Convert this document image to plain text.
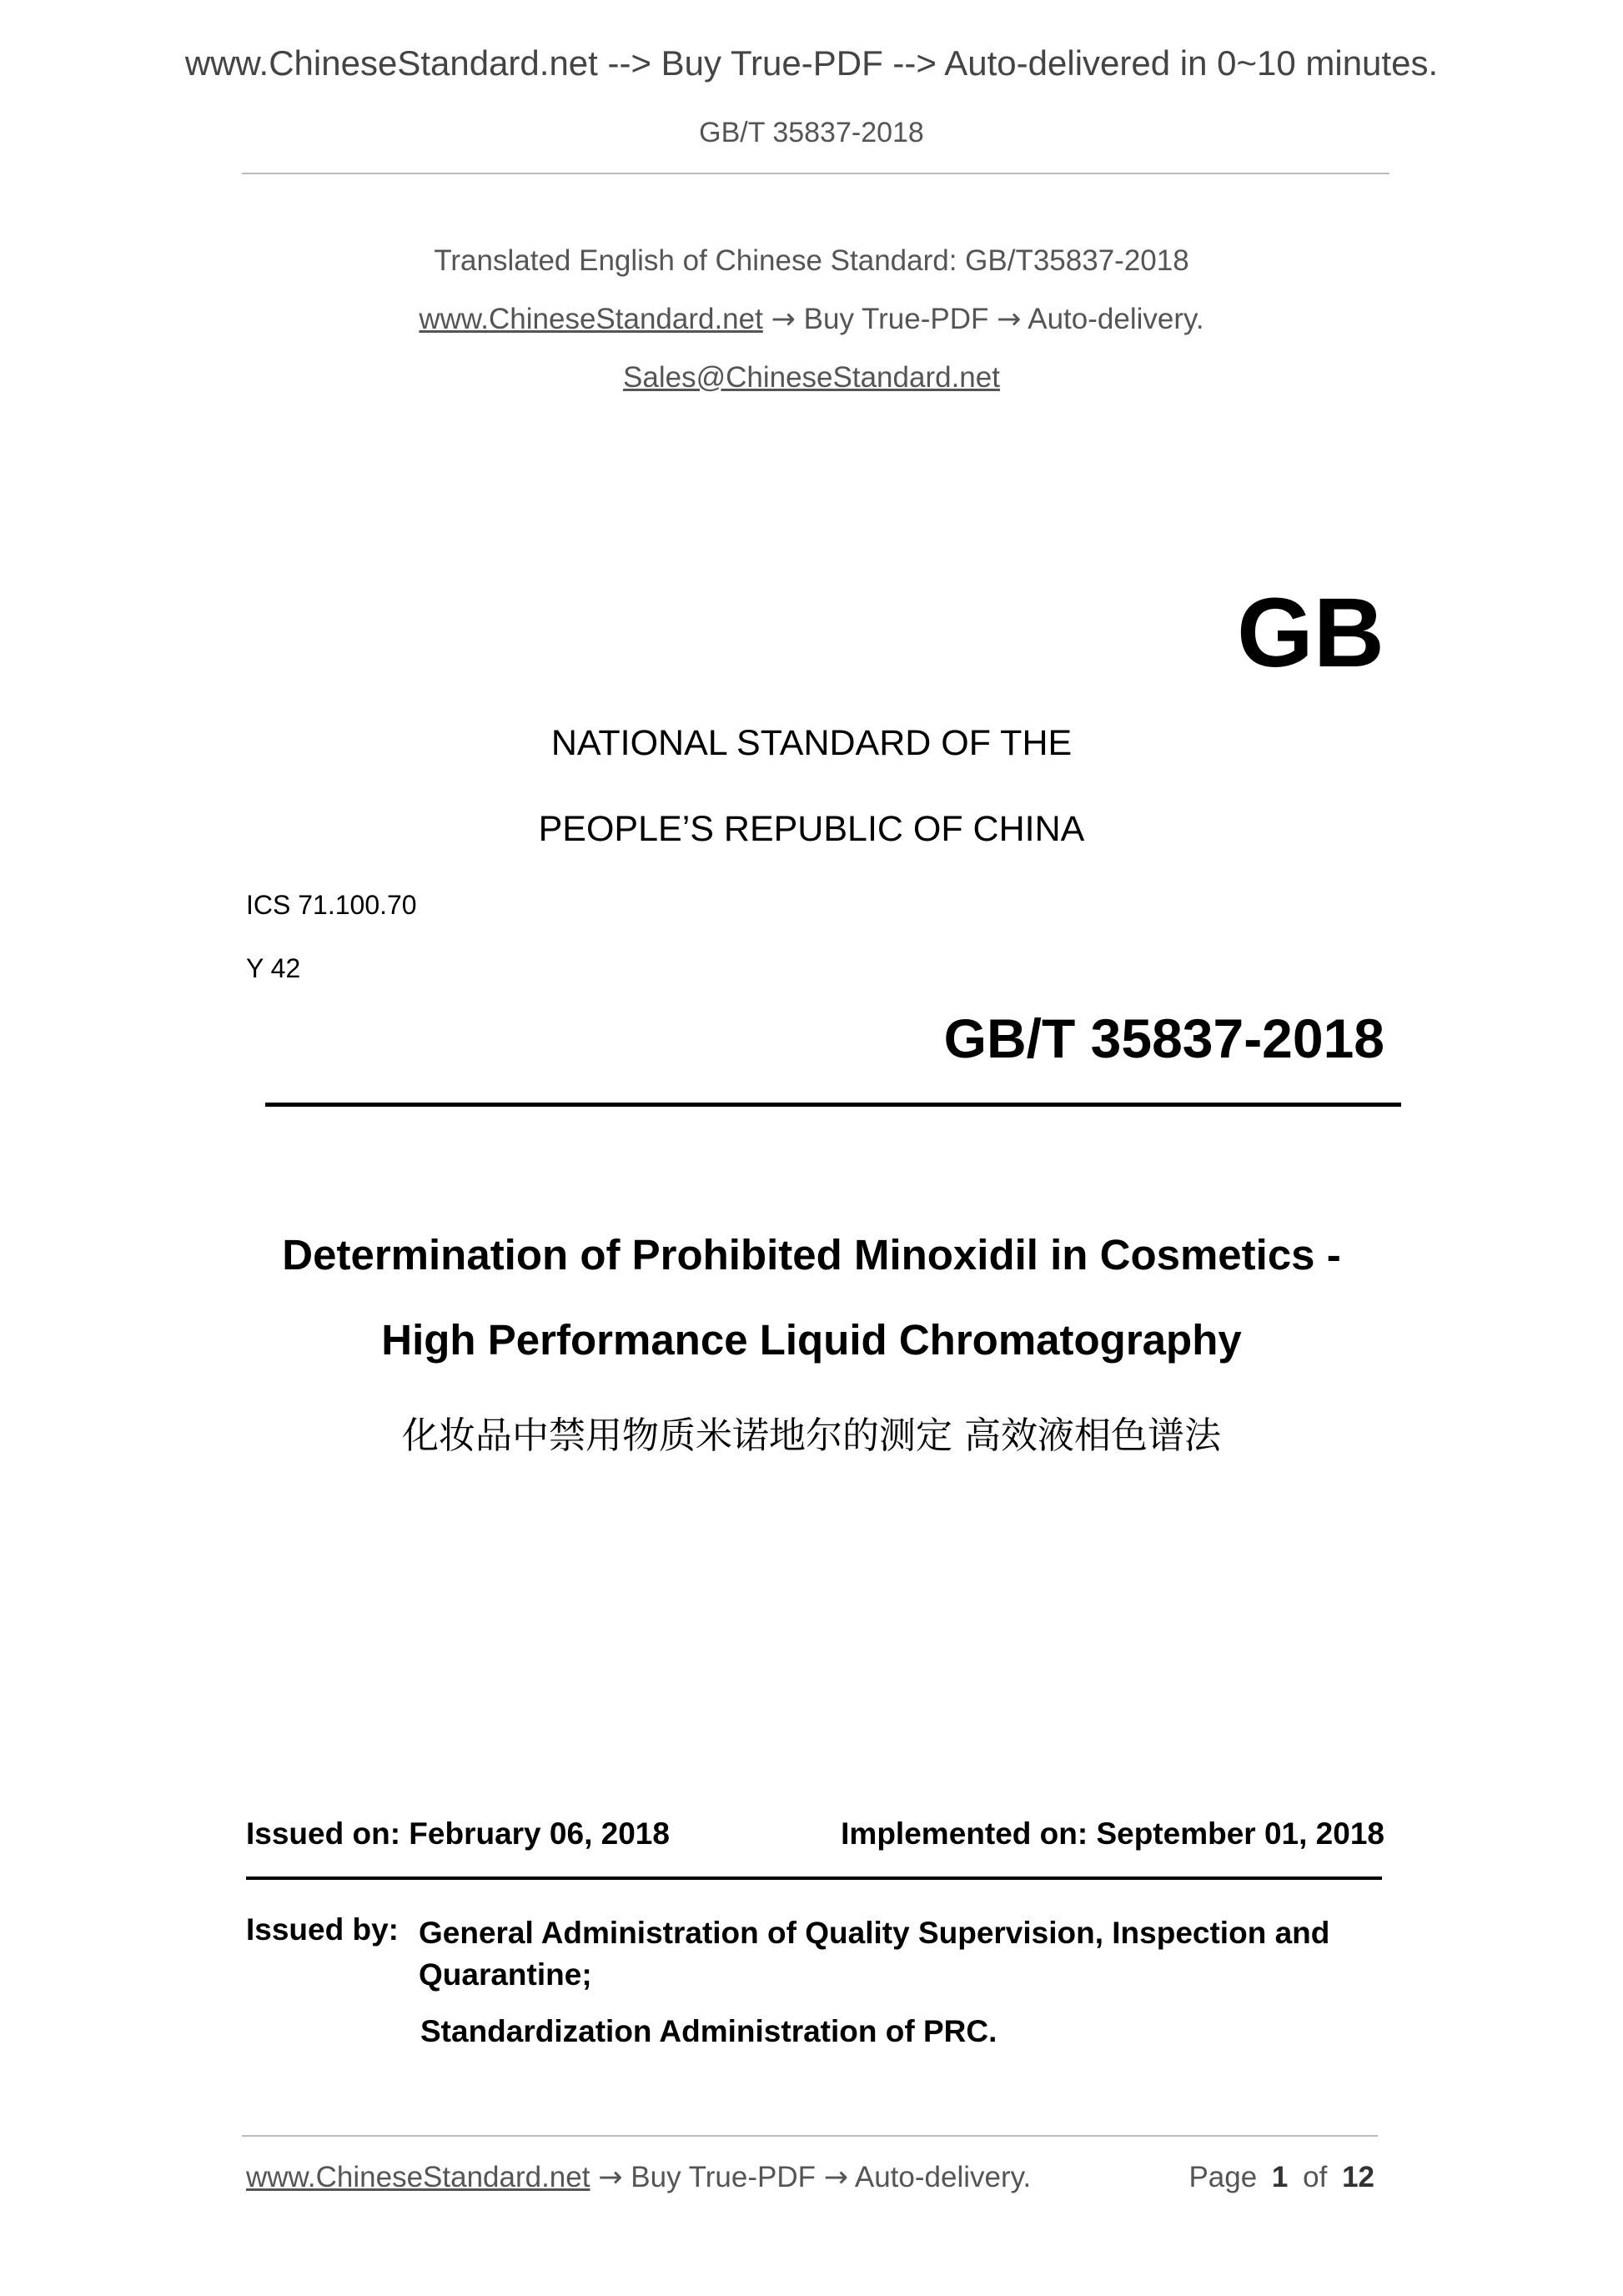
www.ChineseStandard.net --> Buy True-PDF --> Auto-delivered in 0~10 minutes.
GB/T 35837-2018
Translated English of Chinese Standard: GB/T35837-2018
www.ChineseStandard.net → Buy True-PDF → Auto-delivery.
Sales@ChineseStandard.net
GB
NATIONAL STANDARD OF THE
PEOPLE’S REPUBLIC OF CHINA
ICS 71.100.70
Y 42
GB/T 35837-2018
Determination of Prohibited Minoxidil in Cosmetics -
High Performance Liquid Chromatography
化妆品中禁用物质米诺地尔的测定 高效液相色谱法
Issued on: February 06, 2018	Implemented on: September 01, 2018
Issued by: General Administration of Quality Supervision, Inspection and
Quarantine;
Standardization Administration of PRC.
www.ChineseStandard.net → Buy True-PDF → Auto-delivery.	Page 1 of 12
